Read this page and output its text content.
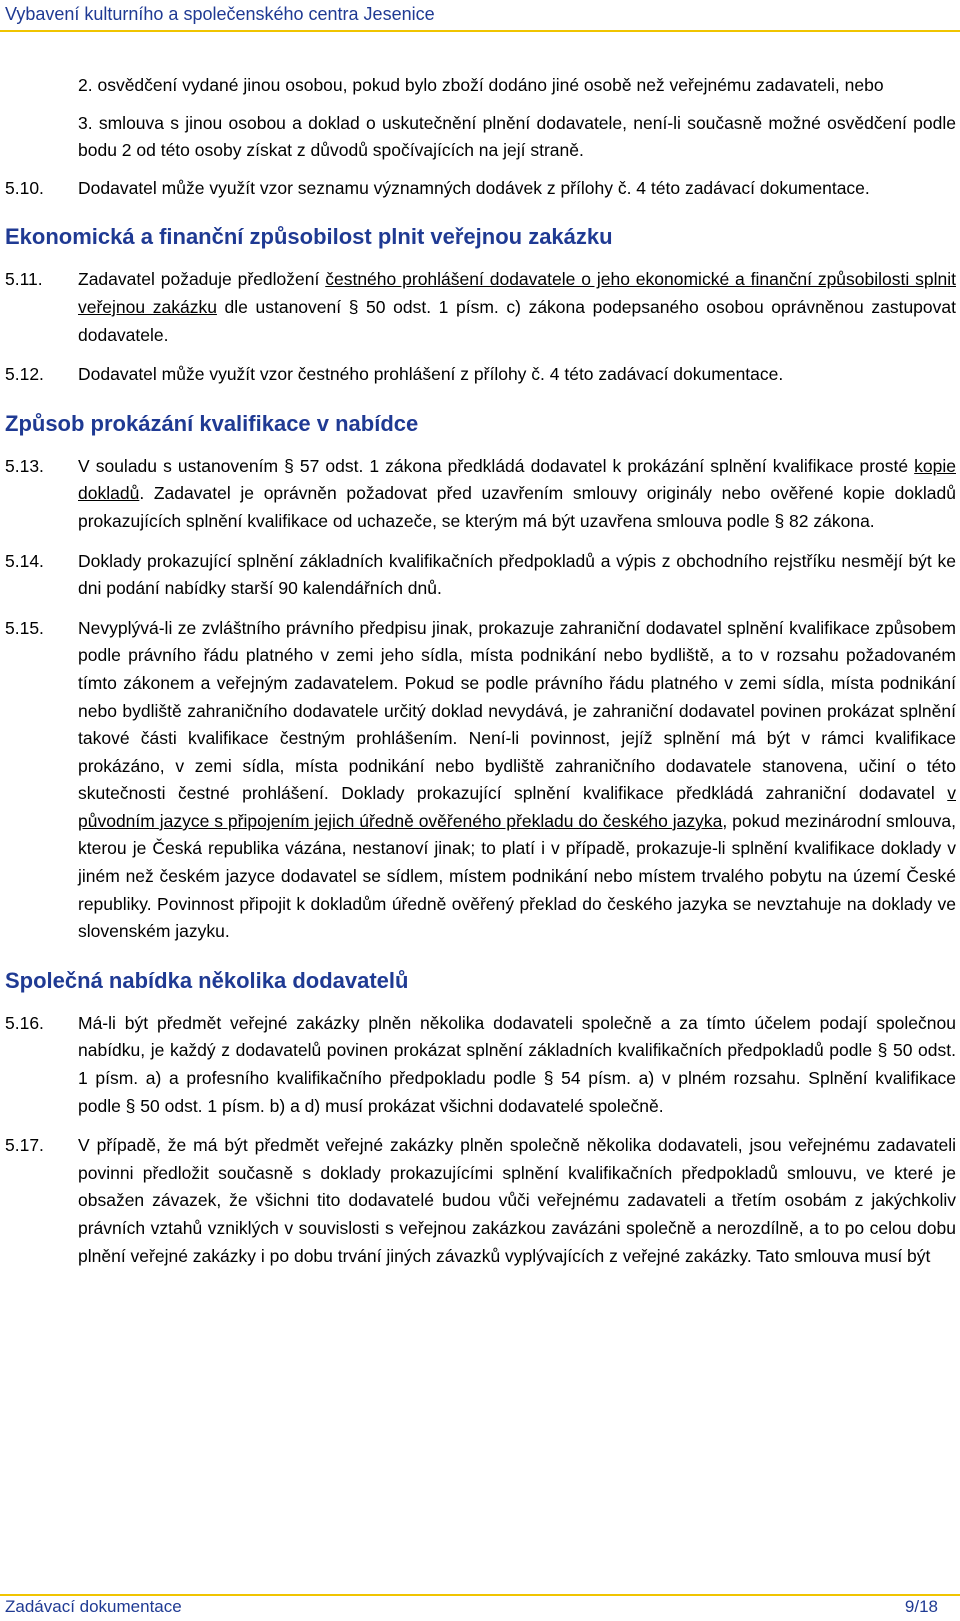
Vybavení kulturního a společenského centra Jesenice
2. osvědčení vydané jinou osobou, pokud bylo zboží dodáno jiné osobě než veřejnému zadavateli, nebo
3. smlouva s jinou osobou a doklad o uskutečnění plnění dodavatele, není-li současně možné osvědčení podle bodu 2 od této osoby získat z důvodů spočívajících na její straně.
5.10.	Dodavatel může využít vzor seznamu významných dodávek z přílohy č. 4 této zadávací dokumentace.
Ekonomická a finanční způsobilost plnit veřejnou zakázku
5.11.	Zadavatel požaduje předložení čestného prohlášení dodavatele o jeho ekonomické a finanční způsobilosti splnit veřejnou zakázku dle ustanovení § 50 odst. 1 písm. c) zákona podepsaného osobou oprávněnou zastupovat dodavatele.
5.12.	Dodavatel může využít vzor čestného prohlášení z přílohy č. 4 této zadávací dokumentace.
Způsob prokázání kvalifikace v nabídce
5.13.	V souladu s ustanovením § 57 odst. 1 zákona předkládá dodavatel k prokázání splnění kvalifikace prosté kopie dokladů. Zadavatel je oprávněn požadovat před uzavřením smlouvy originály nebo ověřené kopie dokladů prokazujících splnění kvalifikace od uchazeče, se kterým má být uzavřena smlouva podle § 82 zákona.
5.14.	Doklady prokazující splnění základních kvalifikačních předpokladů a výpis z obchodního rejstříku nesmějí být ke dni podání nabídky starší 90 kalendářních dnů.
5.15.	Nevyplývá-li ze zvláštního právního předpisu jinak, prokazuje zahraniční dodavatel splnění kvalifikace způsobem podle právního řádu platného v zemi jeho sídla, místa podnikání nebo bydliště, a to v rozsahu požadovaném tímto zákonem a veřejným zadavatelem. Pokud se podle právního řádu platného v zemi sídla, místa podnikání nebo bydliště zahraničního dodavatele určitý doklad nevydává, je zahraniční dodavatel povinen prokázat splnění takové části kvalifikace čestným prohlášením. Není-li povinnost, jejíž splnění má být v rámci kvalifikace prokázáno, v zemi sídla, místa podnikání nebo bydliště zahraničního dodavatele stanovena, učiní o této skutečnosti čestné prohlášení. Doklady prokazující splnění kvalifikace předkládá zahraniční dodavatel v původním jazyce s připojením jejich úředně ověřeného překladu do českého jazyka, pokud mezinárodní smlouva, kterou je Česká republika vázána, nestanoví jinak; to platí i v případě, prokazuje-li splnění kvalifikace doklady v jiném než českém jazyce dodavatel se sídlem, místem podnikání nebo místem trvalého pobytu na území České republiky. Povinnost připojit k dokladům úředně ověřený překlad do českého jazyka se nevztahuje na doklady ve slovenském jazyku.
Společná nabídka několika dodavatelů
5.16.	Má-li být předmět veřejné zakázky plněn několika dodavateli společně a za tímto účelem podají společnou nabídku, je každý z dodavatelů povinen prokázat splnění základních kvalifikačních předpokladů podle § 50 odst. 1 písm. a) a profesního kvalifikačního předpokladu podle § 54 písm. a) v plném rozsahu. Splnění kvalifikace podle § 50 odst. 1 písm. b) a d) musí prokázat všichni dodavatelé společně.
5.17.	V případě, že má být předmět veřejné zakázky plněn společně několika dodavateli, jsou veřejnému zadavateli povinni předložit současně s doklady prokazujícími splnění kvalifikačních předpokladů smlouvu, ve které je obsažen závazek, že všichni tito dodavatelé budou vůči veřejnému zadavateli a třetím osobám z jakýchkoliv právních vztahů vzniklých v souvislosti s veřejnou zakázkou zavázáni společně a nerozdílně, a to po celou dobu plnění veřejné zakázky i po dobu trvání jiných závazků vyplývajících z veřejné zakázky. Tato smlouva musí být
Zadávací dokumentace	9/18
